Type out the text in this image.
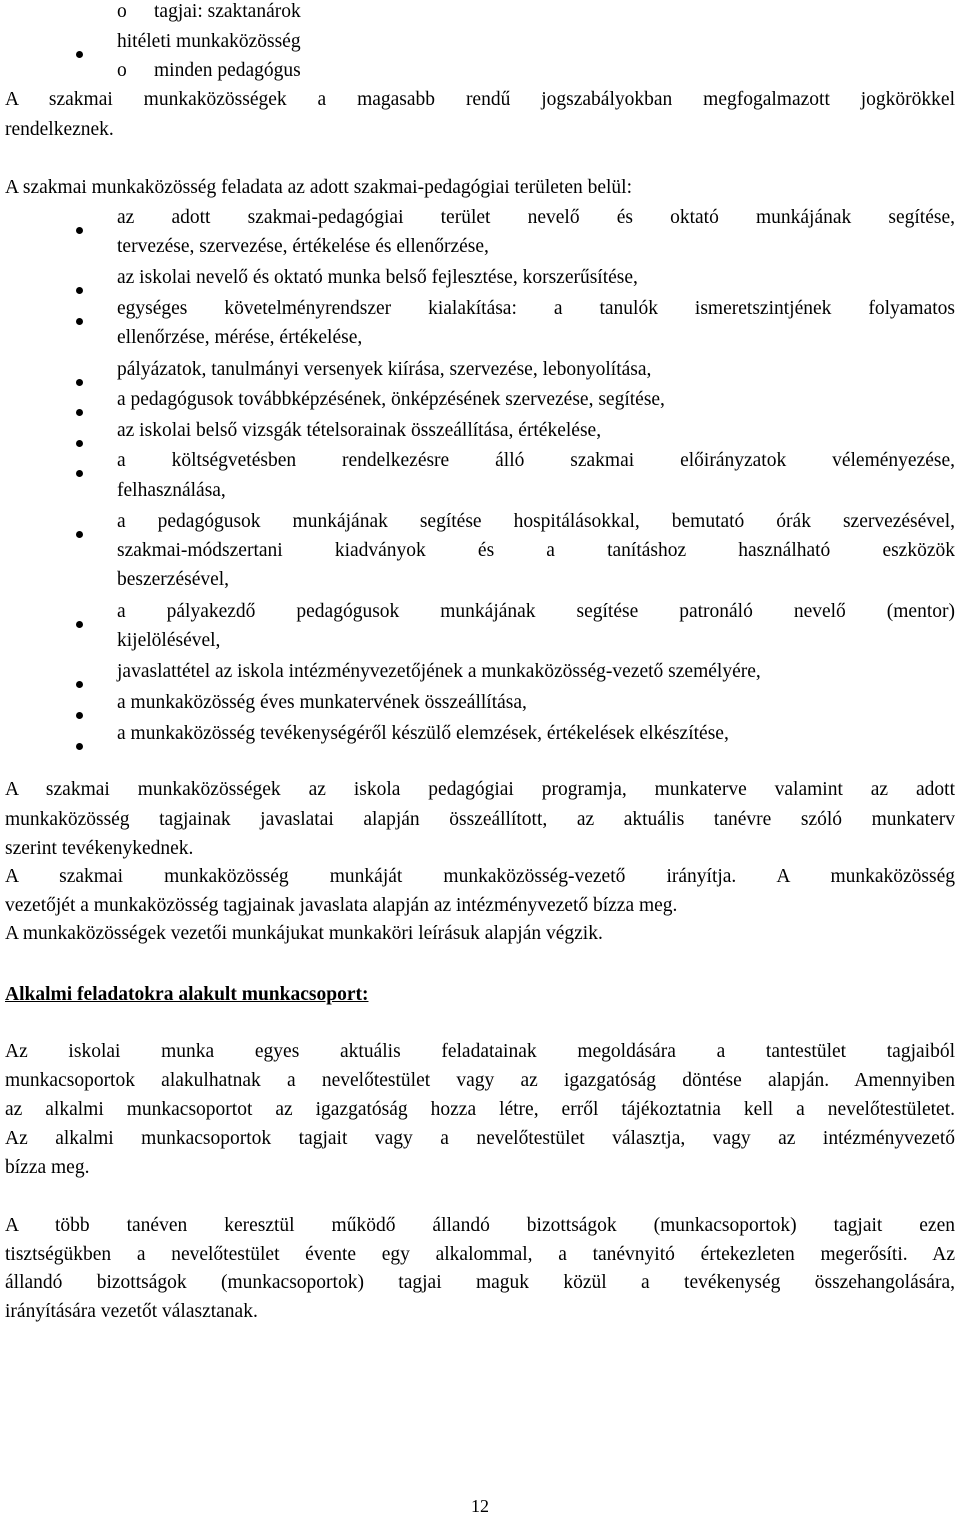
o tagjai: szaktanárok
hitéleti munkaközösség
o minden pedagógus
A szakmai munkaközösségek a magasabb rendű jogszabályokban megfogalmazott jogkörökkel
rendelkeznek.
A szakmai munkaközösség feladata az adott szakmai-pedagógiai területen belül:
az adott szakmai-pedagógiai terület nevelő és oktató munkájának segítése,
tervezése, szervezése, értékelése és ellenőrzése,
az iskolai nevelő és oktató munka belső fejlesztése, korszerűsítése,
egységes követelményrendszer kialakítása: a tanulók ismeretszintjének folyamatos
ellenőrzése, mérése, értékelése,
pályázatok, tanulmányi versenyek kiírása, szervezése, lebonyolítása,
a pedagógusok továbbképzésének, önképzésének szervezése, segítése,
az iskolai belső vizsgák tételsorainak összeállítása, értékelése,
a költségvetésben rendelkezésre álló szakmai előirányzatok véleményezése,
felhasználása,
a pedagógusok munkájának segítése hospitálásokkal, bemutató órák szervezésével,
szakmai-módszertani kiadványok és a tanításhoz használható eszközök
beszerzésével,
a pályakezdő pedagógusok munkájának segítése patronáló nevelő (mentor)
kijelölésével,
javaslattétel az iskola intézményvezetőjének a munkaközösség-vezető személyére,
a munkaközösség éves munkatervének összeállítása,
a munkaközösség tevékenységéről készülő elemzések, értékelések elkészítése,
A szakmai munkaközösségek az iskola pedagógiai programja, munkaterve valamint az adott
munkaközösség tagjainak javaslatai alapján összeállított, az aktuális tanévre szóló munkaterv
szerint tevékenykednek.
A szakmai munkaközösség munkáját munkaközösség-vezető irányítja. A munkaközösség
vezetőjét a munkaközösség tagjainak javaslata alapján az intézményvezető bízza meg.
A munkaközösségek vezetői munkájukat munkaköri leírásuk alapján végzik.
Alkalmi feladatokra alakult munkacsoport:
Az iskolai munka egyes aktuális feladatainak megoldására a tantestület tagjaiból
munkacsoportok alakulhatnak a nevelőtestület vagy az igazgatóság döntése alapján. Amennyiben
az alkalmi munkacsoportot az igazgatóság hozza létre, erről tájékoztatnia kell a nevelőtestületet.
Az alkalmi munkacsoportok tagjait vagy a nevelőtestület választja, vagy az intézményvezető
bízza meg.
A több tanéven keresztül működő állandó bizottságok (munkacsoportok) tagjait ezen
tisztségükben a nevelőtestület évente egy alkalommal, a tanévnyitó értekezleten megerősíti. Az
állandó bizottságok (munkacsoportok) tagjai maguk közül a tevékenység összehangolására,
irányítására vezetőt választanak.
12
